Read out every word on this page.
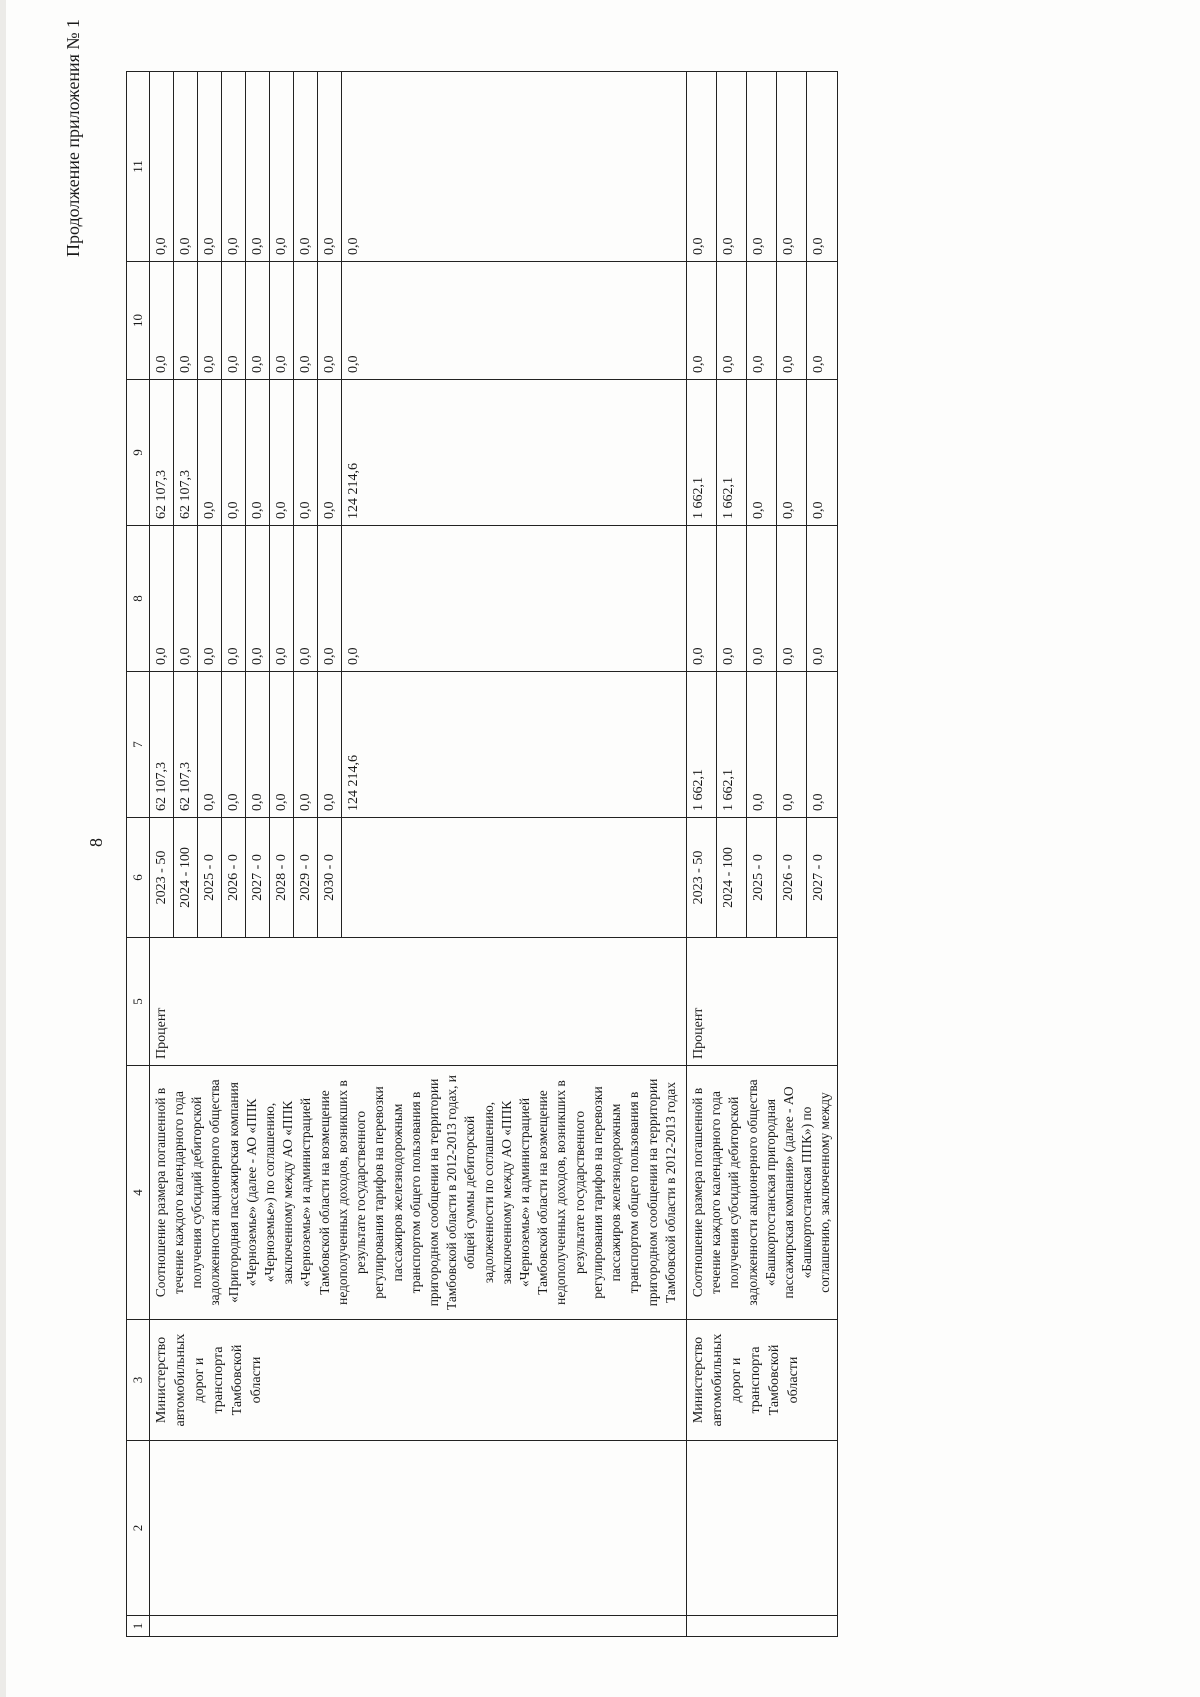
8
Продолжение приложения № 1
1	2	3	4	5	6	7	8	9	10	11
		Министерство автомобильных дорог и транспорта Тамбовской области	Соотношение размера погашенной в течение каждого календарного года получения субсидий дебиторской задолженности акционерного общества «Пригородная пассажирская компания «Черноземье» (далее - АО «ППК «Черноземье») по соглашению, заключенному между АО «ППК «Черноземье» и администрацией Тамбовской области на возмещение недополученных доходов, возникших в результате государственного регулирования тарифов на перевозки пассажиров железнодорожным транспортом общего пользования в пригородном сообщении на территории Тамбовской области в 2012-2013 годах, и общей суммы дебиторской задолженности по соглашению, заключенному между АО «ППК «Черноземье» и администрацией Тамбовской области на возмещение недополученных доходов, возникших в результате государственного регулирования тарифов на перевозки пассажиров железнодорожным транспортом общего пользования в пригородном сообщении на территории Тамбовской области в 2012-2013 годах	Процент	2023 - 50	62 107,3	0,0	62 107,3	0,0	0,0
					2024 - 100	62 107,3	0,0	62 107,3	0,0	0,0
					2025 - 0	0,0	0,0	0,0	0,0	0,0
					2026 - 0	0,0	0,0	0,0	0,0	0,0
					2027 - 0	0,0	0,0	0,0	0,0	0,0
					2028 - 0	0,0	0,0	0,0	0,0	0,0
					2029 - 0	0,0	0,0	0,0	0,0	0,0
					2030 - 0	0,0	0,0	0,0	0,0	0,0
						124 214,6	0,0	124 214,6	0,0	0,0
		Министерство автомобильных дорог и транспорта Тамбовской области	Соотношение размера погашенной в течение каждого календарного года получения субсидий дебиторской задолженности акционерного общества «Башкортостанская пригородная пассажирская компания» (далее - АО «Башкортостанская ППК») по соглашению, заключенному между	Процент	2023 - 50	1 662,1	0,0	1 662,1	0,0	0,0
					2024 - 100	1 662,1	0,0	1 662,1	0,0	0,0
					2025 - 0	0,0	0,0	0,0	0,0	0,0
					2026 - 0	0,0	0,0	0,0	0,0	0,0
					2027 - 0	0,0	0,0	0,0	0,0	0,0
